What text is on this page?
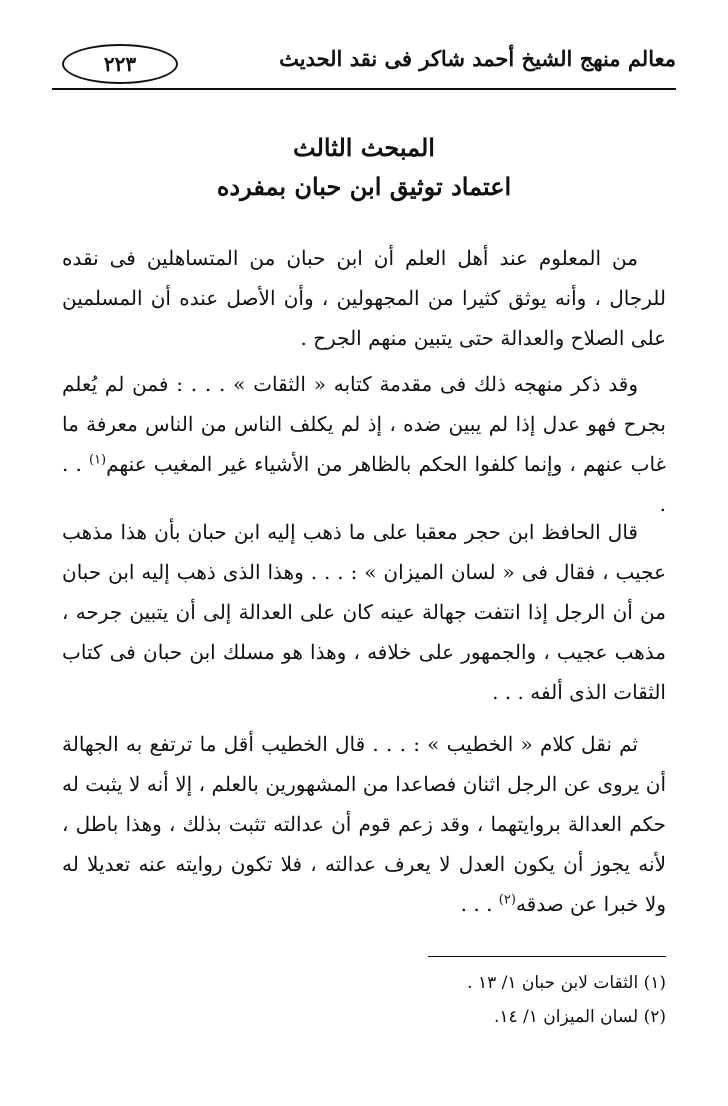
معالم منهج الشيخ أحمد شاكر فى نقد الحديث
٢٢٣
المبحث الثالث
اعتماد توثيق ابن حبان بمفرده
من المعلوم عند أهل العلم أن ابن حبان من المتساهلين فى نقده للرجال ، وأنه يوثق كثيرا من المجهولين ، وأن الأصل عنده أن المسلمين على الصلاح والعدالة حتى يتبين منهم الجرح .
وقد ذكر منهجه ذلك فى مقدمة كتابه « الثقات » . . . : فمن لم يُعلم بجرح فهو عدل إذا لم يبين ضده ، إذ لم يكلف الناس من الناس معرفة ما غاب عنهم ، وإنما كلفوا الحكم بالظاهر من الأشياء غير المغيب عنهم$^{(١)}$ . . .
قال الحافظ ابن حجر معقبا على ما ذهب إليه ابن حبان بأن هذا مذهب عجيب ، فقال فى « لسان الميزان » : . . . وهذا الذى ذهب إليه ابن حبان من أن الرجل إذا انتفت جهالة عينه كان على العدالة إلى أن يتبين جرحه ، مذهب عجيب ، والجمهور على خلافه ، وهذا هو مسلك ابن حبان فى كتاب الثقات الذى ألفه . . .
ثم نقل كلام « الخطيب » : . . . قال الخطيب أقل ما ترتفع به الجهالة أن يروى عن الرجل اثنان فصاعدا من المشهورين بالعلم ، إلا أنه لا يثبت له حكم العدالة بروايتهما ، وقد زعم قوم أن عدالته تثبت بذلك ، وهذا باطل ، لأنه يجوز أن يكون العدل لا يعرف عدالته ، فلا تكون روايته عنه تعديلا له ولا خبرا عن صدقه$^{(٢)}$ . . .
(١) الثقات لابن حبان ١/ ١٣ .
(٢) لسان الميزان ١/ ١٤.
